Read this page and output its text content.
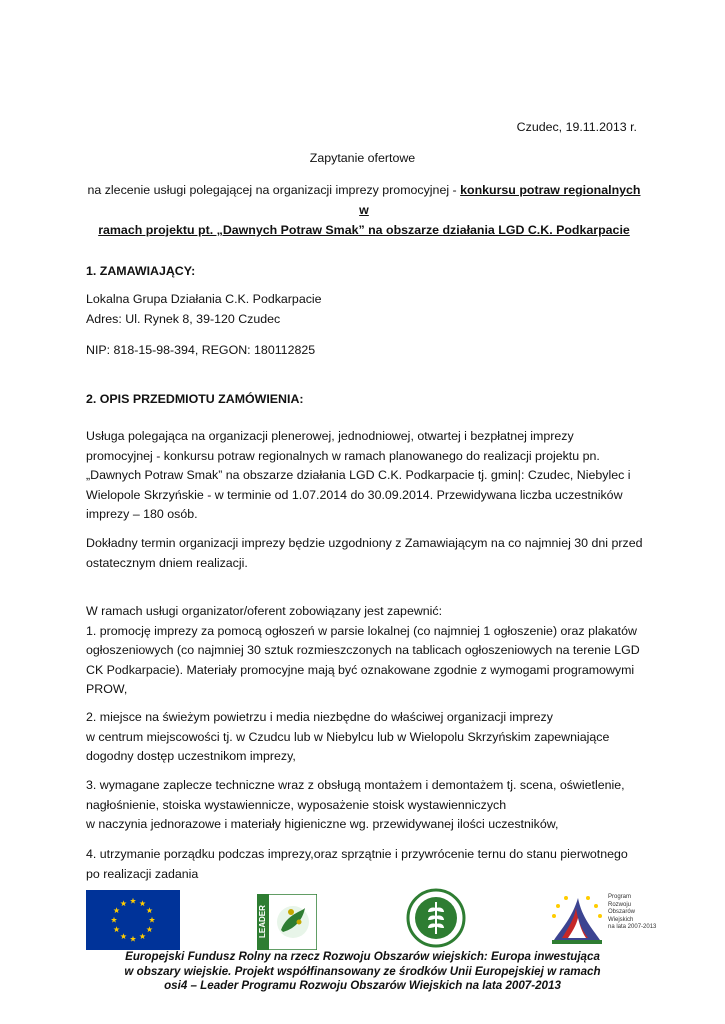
Czudec, 19.11.2013 r.
Zapytanie ofertowe
na zlecenie usługi polegającej na organizacji imprezy promocyjnej - konkursu potraw regionalnych w
ramach projektu pt. „Dawnych Potraw Smak” na obszarze działania LGD C.K. Podkarpacie
1. ZAMAWIAJĄCY:
Lokalna Grupa Działania C.K. Podkarpacie
Adres: Ul. Rynek 8, 39-120 Czudec
NIP: 818-15-98-394, REGON: 180112825
2. OPIS PRZEDMIOTU ZAMÓWIENIA:
Usługa polegająca na organizacji plenerowej, jednodniowej, otwartej i bezpłatnej imprezy
promocyjnej - konkursu potraw regionalnych w ramach planowanego do realizacji projektu pn.
„Dawnych Potraw Smak” na obszarze działania LGD C.K. Podkarpacie tj. gmin|: Czudec, Niebylec i
Wielopole Skrzyńskie - w terminie od 1.07.2014 do 30.09.2014. Przewidywana liczba uczestników
imprezy – 180 osób.
Dokładny termin organizacji imprezy będzie uzgodniony z Zamawiającym na co najmniej 30 dni przed
ostatecznym dniem realizacji.
W ramach usługi organizator/oferent zobowiązany jest zapewnić:
1. promocję imprezy za pomocą ogłoszeń w parsie lokalnej (co najmniej 1 ogłoszenie) oraz plakatów
ogłoszeniowych (co najmniej 30 sztuk rozmieszczonych na tablicach ogłoszeniowych na terenie LGD
CK Podkarpacie). Materiały promocyjne mają być oznakowane zgodnie z wymogami programowymi
PROW,
2. miejsce na świeżym powietrzu i media niezbędne do właściwej organizacji imprezy
w centrum miejscowości tj. w Czudcu lub w Niebylcu lub w Wielopolu Skrzyńskim zapewniające
dogodny dostęp uczestnikom imprezy,
3. wymagane zaplecze techniczne wraz z obsługą montażem i demontażem tj. scena, oświetlenie,
nagłośnienie, stoiska wystawiennicze, wyposażenie stoisk wystawienniczych
w naczynia jednorazowe i materiały higieniczne wg. przewidywanej ilości uczestników,
4. utrzymanie porządku podczas imprezy,oraz sprzątnie i przywrócenie ternu do stanu pierwotnego
po realizacji zadania
LEADER
Program
Rozwoju
Obszarów
Wiejskich
na lata 2007-2013
Europejski Fundusz Rolny na rzecz Rozwoju Obszarów wiejskich: Europa inwestująca
w obszary wiejskie. Projekt współfinansowany ze środków Unii Europejskiej w ramach
osi4 – Leader Programu Rozwoju Obszarów Wiejskich na lata 2007-2013
